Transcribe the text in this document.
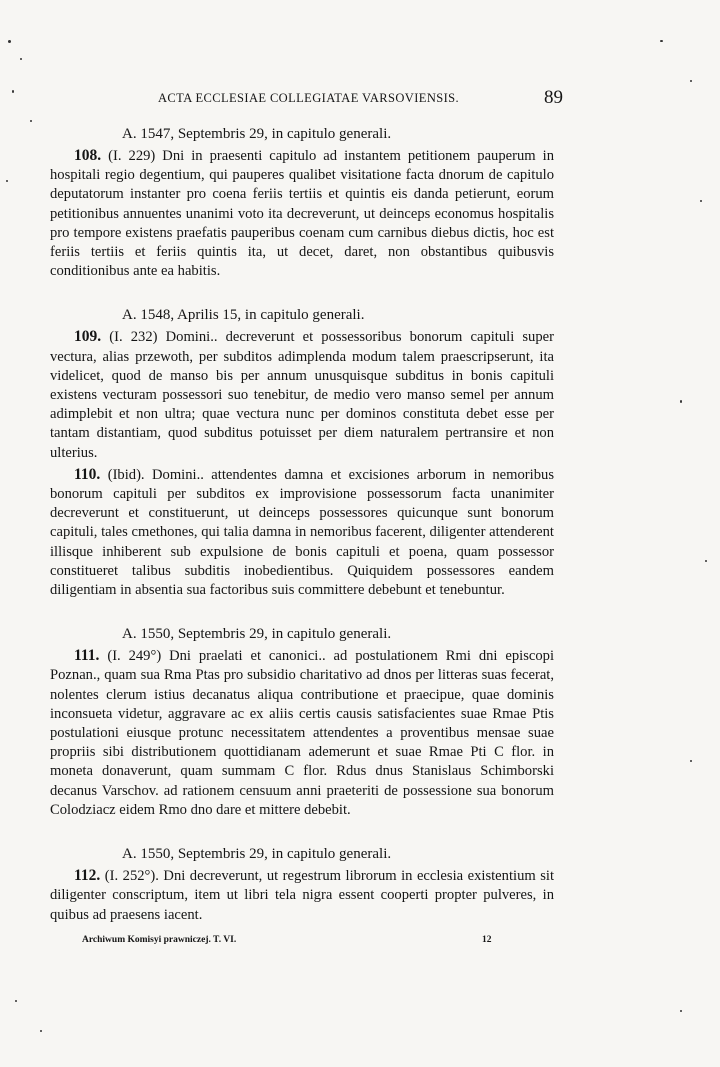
ACTA ECCLESIAE COLLEGIATAE VARSOVIENSIS.	89
A. 1547, Septembris 29, in capitulo generali.

108. (I. 229) Dni in praesenti capitulo ad instantem petitionem pauperum in hospitali regio degentium, qui pauperes qualibet visitatione facta dnorum de capitulo deputatorum instanter pro coena feriis tertiis et quintis eis danda petierunt, eorum petitionibus annuentes unanimi voto ita decreverunt, ut deinceps economus hospitalis pro tempore existens praefatis pauperibus coenam cum carnibus diebus dictis, hoc est feriis tertiis et feriis quintis ita, ut decet, daret, non obstantibus quibusvis conditionibus ante ea habitis.

A. 1548, Aprilis 15, in capitulo generali.

109. (I. 232) Domini.. decreverunt et possessoribus bonorum capituli super vectura, alias przewoth, per subditos adimplenda modum talem praescripserunt, ita videlicet, quod de manso bis per annum unusquisque subditus in bonis capituli existens vecturam possessori suo tenebitur, de medio vero manso semel per annum adimplebit et non ultra; quae vectura nunc per dominos constituta debet esse per tantam distantiam, quod subditus potuisset per diem naturalem pertransire et non ulterius.

110. (Ibid). Domini.. attendentes damna et excisiones arborum in nemoribus bonorum capituli per subditos ex improvisione possessorum facta unanimiter decreverunt et constituerunt, ut deinceps possessores quicunque sunt bonorum capituli, tales cmethones, qui talia damna in nemoribus facerent, diligenter attenderent illisque inhiberent sub expulsione de bonis capituli et poena, quam possessor constitueret talibus subditis inobedientibus. Quiquidem possessores eandem diligentiam in absentia sua factoribus suis committere debebunt et tenebuntur.

A. 1550, Septembris 29, in capitulo generali.

111. (I. 249°) Dni praelati et canonici.. ad postulationem Rmi dni episcopi Poznan., quam sua Rma Ptas pro subsidio charitativo ad dnos per litteras suas fecerat, nolentes clerum istius decanatus aliqua contributione et praecipue, quae dominis inconsueta videtur, aggravare ac ex aliis certis causis satisfacientes suae Rmae Ptis postulationi eiusque protunc necessitatem attendentes a proventibus mensae suae propriis sibi distributionem quottidianam ademerunt et suae Rmae Pti C flor. in moneta donaverunt, quam summam C flor. Rdus dnus Stanislaus Schimborski decanus Varschov. ad rationem censuum anni praeteriti de possessione sua bonorum Colodziacz eidem Rmo dno dare et mittere debebit.

A. 1550, Septembris 29, in capitulo generali.

112. (I. 252°). Dni decreverunt, ut regestrum librorum in ecclesia existentium sit diligenter conscriptum, item ut libri tela nigra essent cooperti propter pulveres, in quibus ad praesens iacent.

Archiwum Komisyi prawniczej. T. VI.	12
